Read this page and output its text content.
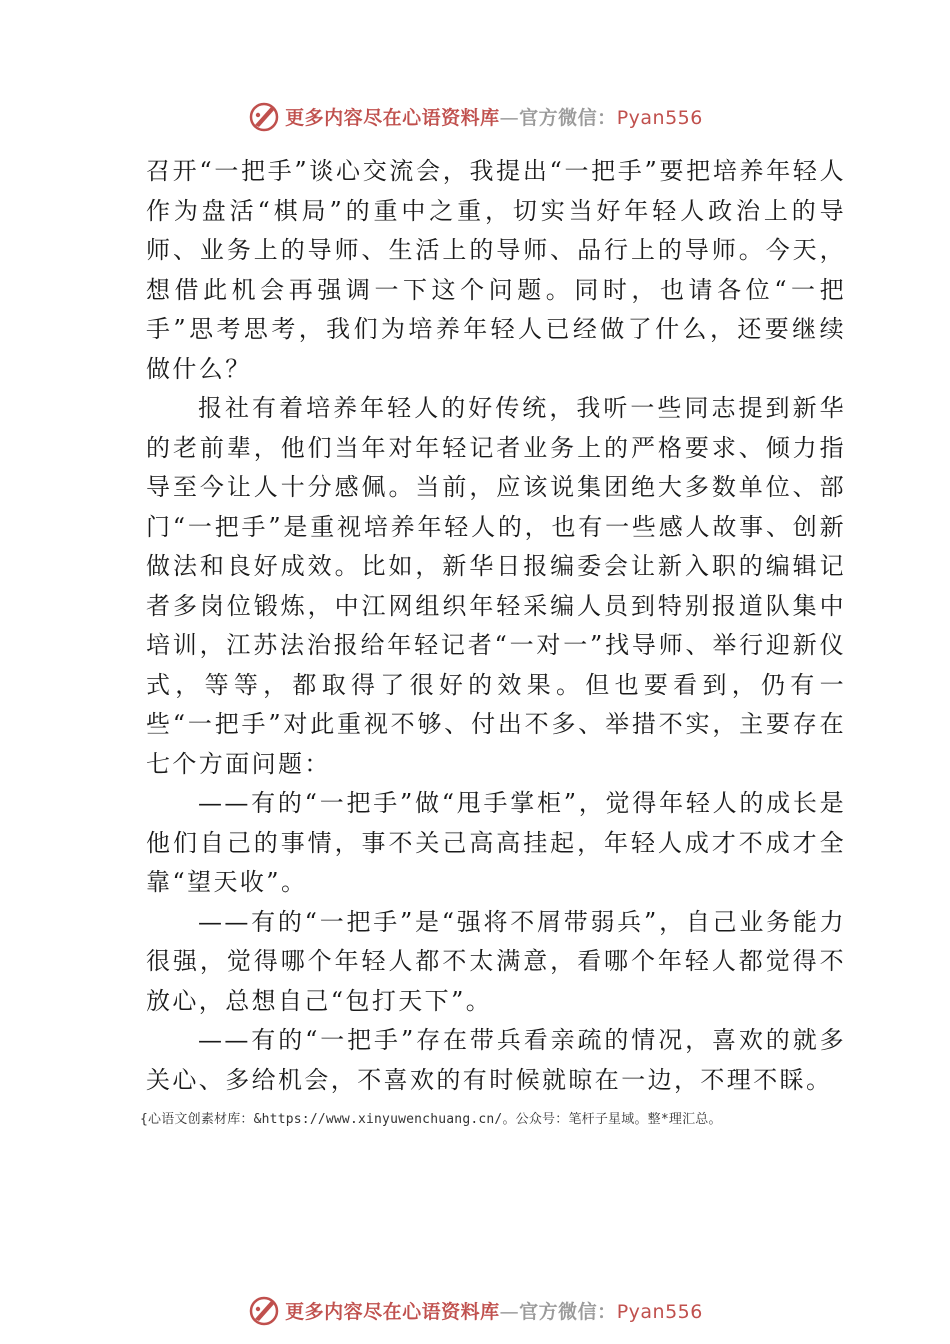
更多内容尽在心语资料库—官方微信：Pyan556

召开“一把手”谈心交流会，我提出“一把手”要把培养年轻人作为盘活“棋局”的重中之重，切实当好年轻人政治上的导师、业务上的导师、生活上的导师、品行上的导师。今天，想借此机会再强调一下这个问题。同时，也请各位“一把手”思考思考，我们为培养年轻人已经做了什么，还要继续做什么？

报社有着培养年轻人的好传统，我听一些同志提到新华的老前辈，他们当年对年轻记者业务上的严格要求、倾力指导至今让人十分感佩。当前，应该说集团绝大多数单位、部门“一把手”是重视培养年轻人的，也有一些感人故事、创新做法和良好成效。比如，新华日报编委会让新入职的编辑记者多岗位锻炼，中江网组织年轻采编人员到特别报道队集中培训，江苏法治报给年轻记者“一对一”找导师、举行迎新仪式，等等，都取得了很好的效果。但也要看到，仍有一些“一把手”对此重视不够、付出不多、举措不实，主要存在七个方面问题：

——有的“一把手”做“甩手掌柜”，觉得年轻人的成长是他们自己的事情，事不关己高高挂起，年轻人成才不成才全靠“望天收”。

——有的“一把手”是“强将不屑带弱兵”，自己业务能力很强，觉得哪个年轻人都不太满意，看哪个年轻人都觉得不放心，总想自己“包打天下”。

——有的“一把手”存在带兵看亲疏的情况，喜欢的就多关心、多给机会，不喜欢的有时候就晾在一边，不理不睬。

{心语文创素材库：&https://www.xinyuwenchuang.cn/。公众号：笔杆子星域。整*理汇总。
更多内容尽在心语资料库—官方微信：Pyan556
